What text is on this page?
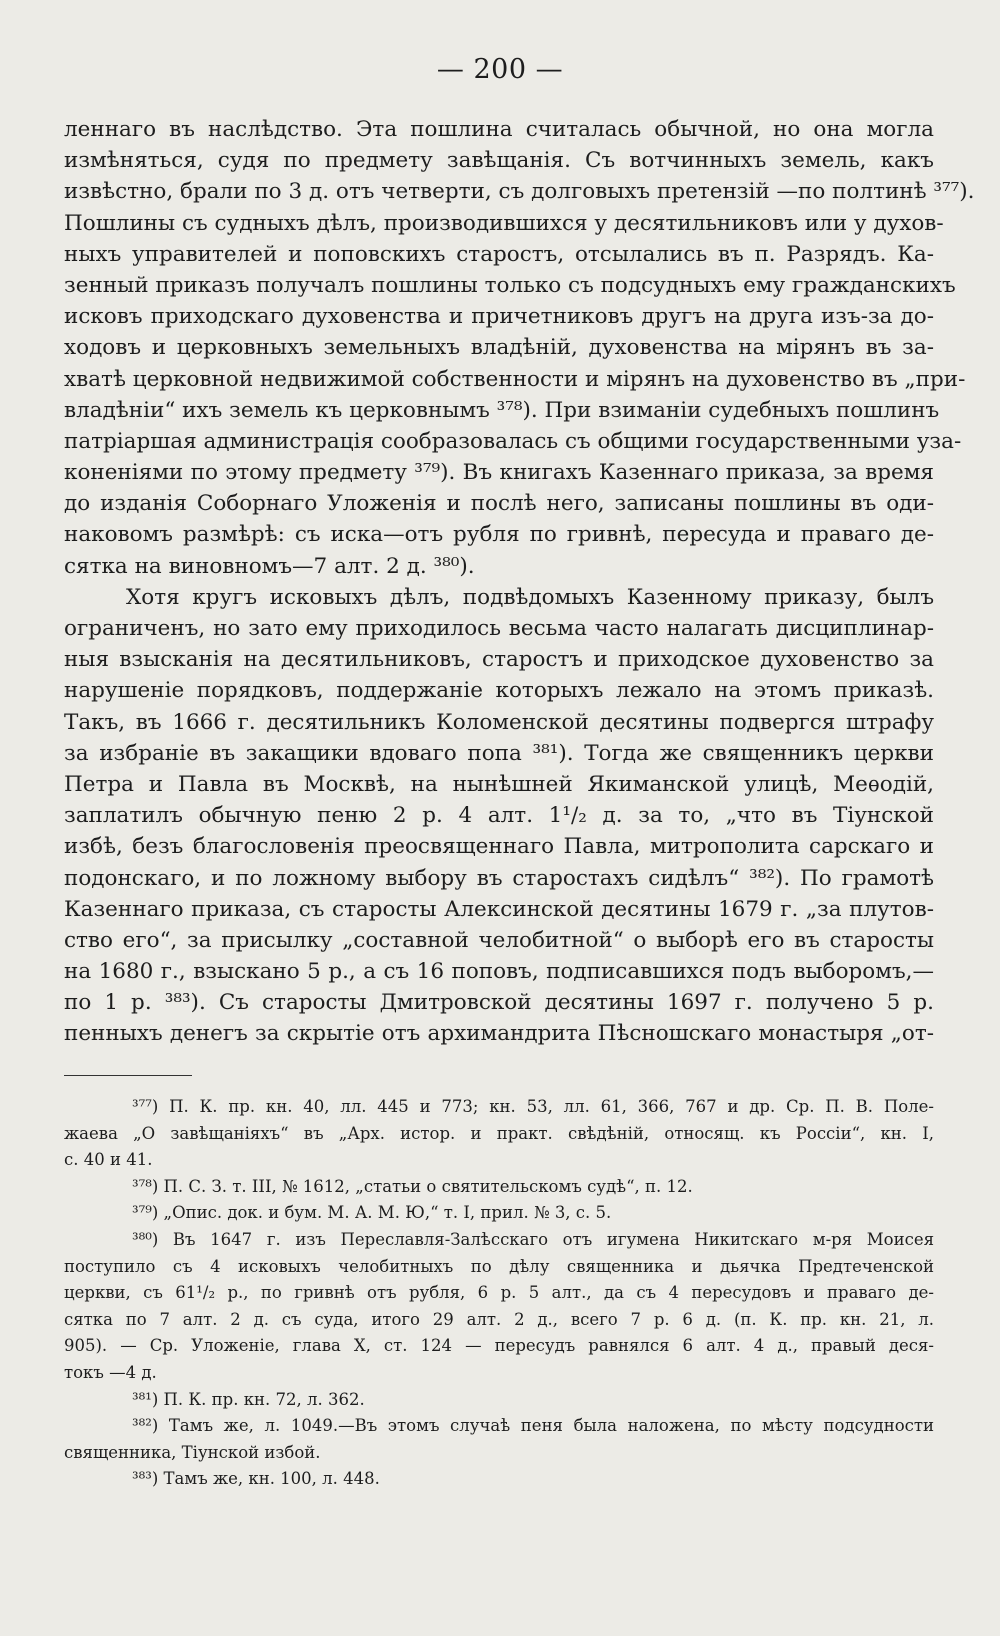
— 200 —
леннаго въ наслѣдство. Эта пошлина считалась обычной, но она могла
измѣняться, судя по предмету завѣщанія. Съ вотчинныхъ земель, какъ
извѣстно, брали по 3 д. отъ четверти, съ долговыхъ претензій —по полтинѣ ³⁷⁷).
Пошлины съ судныхъ дѣлъ, производившихся у десятильниковъ или у духов-
ныхъ управителей и поповскихъ старостъ, отсылались въ п. Разрядъ. Ка-
зенный приказъ получалъ пошлины только съ подсудныхъ ему гражданскихъ
исковъ приходскаго духовенства и причетниковъ другъ на друга изъ-за до-
ходовъ и церковныхъ земельныхъ владѣній, духовенства на мірянъ въ за-
хватѣ церковной недвижимой собственности и мірянъ на духовенство въ „при-
владѣніи“ ихъ земель къ церковнымъ ³⁷⁸). При взиманіи судебныхъ пошлинъ
патріаршая администрація сообразовалась съ общими государственными уза-
коненіями по этому предмету ³⁷⁹). Въ книгахъ Казеннаго приказа, за время
до изданія Соборнаго Уложенія и послѣ него, записаны пошлины въ оди-
наковомъ размѣрѣ: съ иска—отъ рубля по гривнѣ, пересуда и праваго де-
сятка на виновномъ—7 алт. 2 д. ³⁸⁰).
Хотя кругъ исковыхъ дѣлъ, подвѣдомыхъ Казенному приказу, былъ
ограниченъ, но зато ему приходилось весьма часто налагать дисциплинар-
ныя взысканія на десятильниковъ, старостъ и приходское духовенство за
нарушеніе порядковъ, поддержаніе которыхъ лежало на этомъ приказѣ.
Такъ, въ 1666 г. десятильникъ Коломенской десятины подвергся штрафу
за избраніе въ закащики вдоваго попа ³⁸¹). Тогда же священникъ церкви
Петра и Павла въ Москвѣ, на нынѣшней Якиманской улицѣ, Меѳодій,
заплатилъ обычную пеню 2 р. 4 алт. 1¹/₂ д. за то, „что въ Тіунской
избѣ, безъ благословенія преосвященнаго Павла, митрополита сарскаго и
подонскаго, и по ложному выбору въ старостахъ сидѣлъ“ ³⁸²). По грамотѣ
Казеннаго приказа, съ старосты Алексинской десятины 1679 г. „за плутов-
ство его“, за присылку „составной челобитной“ о выборѣ его въ старосты
на 1680 г., взыскано 5 р., а съ 16 поповъ, подписавшихся подъ выборомъ,—
по 1 р. ³⁸³). Съ старосты Дмитровской десятины 1697 г. получено 5 р.
пенныхъ денегъ за скрытіе отъ архимандрита Пѣсношскаго монастыря „от-
³⁷⁷) П. К. пр. кн. 40, лл. 445 и 773; кн. 53, лл. 61, 366, 767 и др. Ср. П. В. Поле-
жаева „О завѣщаніяхъ“ въ „Арх. истор. и практ. свѣдѣній, относящ. къ Россіи“, кн. I,
с. 40 и 41.
³⁷⁸) П. С. З. т. III, № 1612, „статьи о святительскомъ судѣ“, п. 12.
³⁷⁹) „Опис. док. и бум. М. А. М. Ю,“ т. I, прил. № 3, с. 5.
³⁸⁰) Въ 1647 г. изъ Переславля-Залѣсскаго отъ игумена Никитскаго м-ря Моисея
поступило съ 4 исковыхъ челобитныхъ по дѣлу священника и дьячка Предтеченской
церкви, съ 61¹/₂ р., по гривнѣ отъ рубля, 6 р. 5 алт., да съ 4 пересудовъ и праваго де-
сятка по 7 алт. 2 д. съ суда, итого 29 алт. 2 д., всего 7 р. 6 д. (п. К. пр. кн. 21, л.
905). — Ср. Уложеніе, глава X, ст. 124 — пересудъ равнялся 6 алт. 4 д., правый деся-
токъ —4 д.
³⁸¹) П. К. пр. кн. 72, л. 362.
³⁸²) Тамъ же, л. 1049.—Въ этомъ случаѣ пеня была наложена, по мѣсту подсудности
священника, Тіунской избой.
³⁸³) Тамъ же, кн. 100, л. 448.
